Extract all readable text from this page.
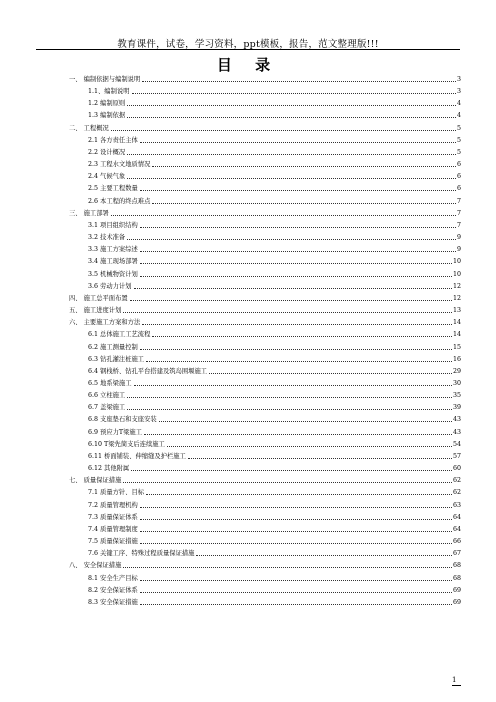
教育课件，试卷，学习资料，ppt模板，报告，范文整理版!!!
目 录
一、 编制依据与编制说明	3
1.1、编制说明	3
1.2 编制原则	4
1.3 编制依据	4
二、 工程概况	5
2.1 各方责任主体	5
2.2 设计概况	5
2.3 工程水文地质情况	6
2.4 气候气象	6
2.5 主要工程数量	6
2.6 本工程的终点难点	7
三、 施工部署	7
3.1 项目组织结构	7
3.2 技术准备	9
3.3 施工方案综述	9
3.4 施工现场部署	10
3.5 机械物资计划	10
3.6 劳动力计划	12
四、 施工总平面布置	12
五、 施工进度计划	13
六、 主要施工方案和方法	14
6.1 总体施工工艺流程	14
6.2 施工测量控制	15
6.3 钻孔灌注桩施工	16
6.4 钢栈桥、钻孔平台搭建及筑岛围堰施工	29
6.5 地系梁施工	30
6.6 立柱施工	35
6.7 盖梁施工	39
6.8 支座垫石和支座安装	43
6.9 预应力T梁施工	43
6.10 T梁先简支后连续施工	54
6.11 桥面铺装、伸缩缝及护栏施工	57
6.12 其他附属	60
七、 质量保证措施	62
7.1 质量方针、目标	62
7.2 质量管理机构	63
7.3 质量保证体系	64
7.4 质量管理制度	64
7.5 质量保证措施	66
7.6 关键工序、特殊过程质量保证措施	67
八、 安全保证措施	68
8.1 安全生产目标	68
8.2 安全保证体系	69
8.3 安全保证措施	69
1
